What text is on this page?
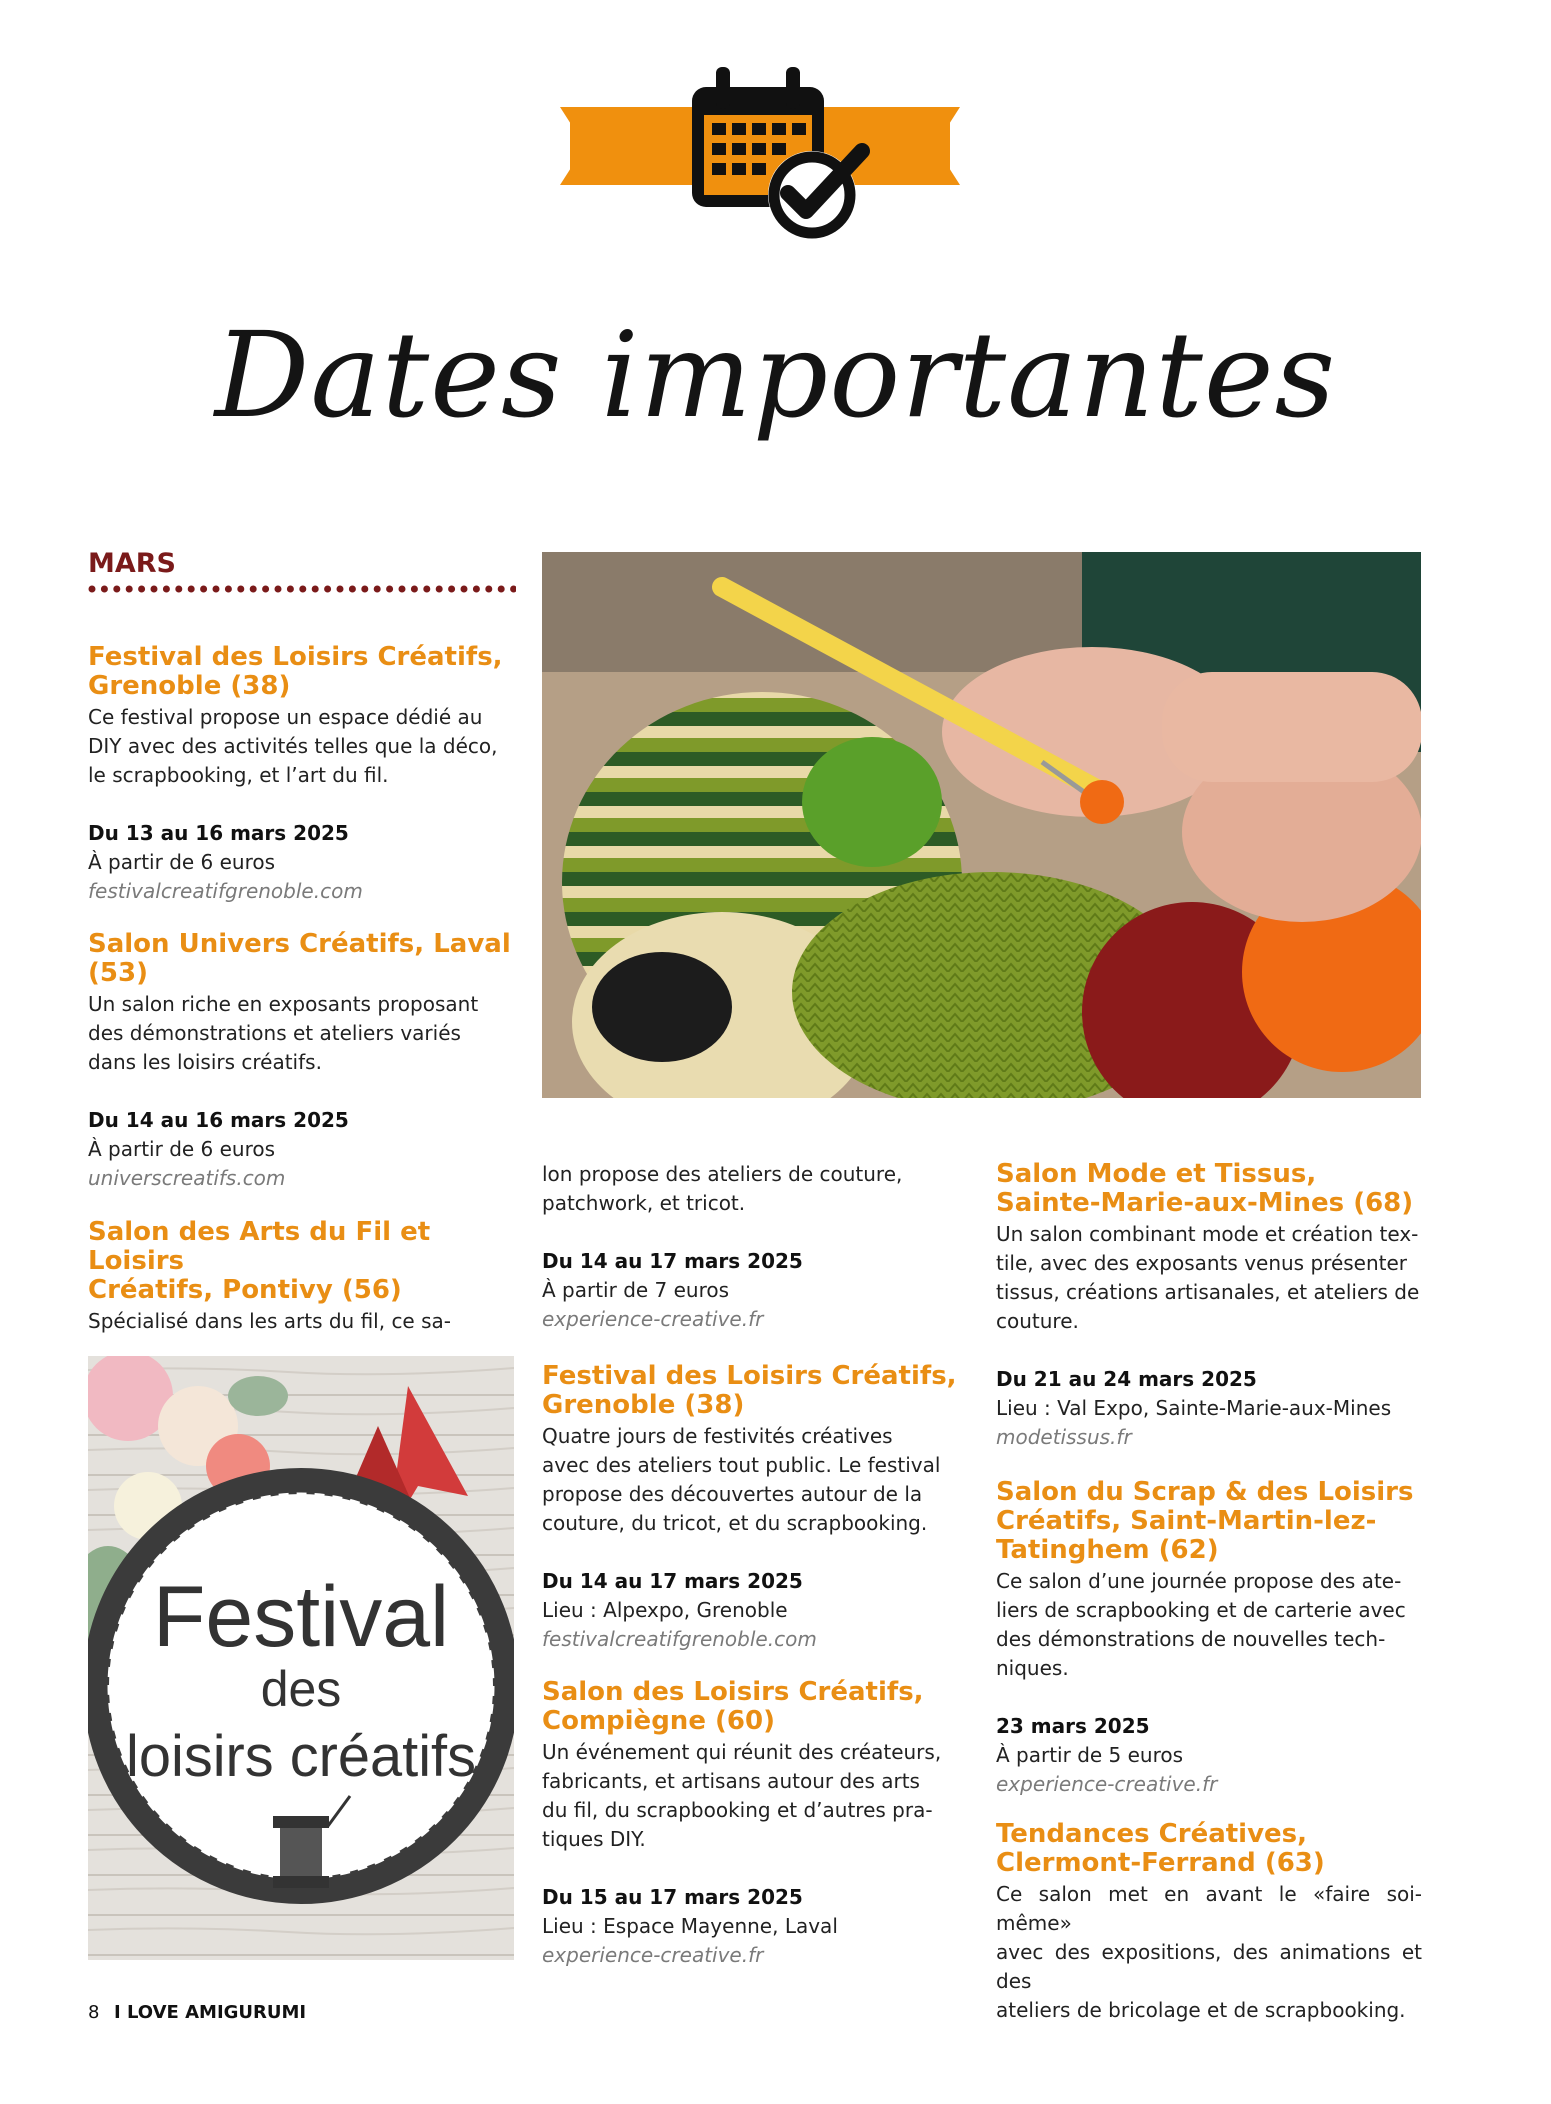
Dates importantes
MARS
Festival des Loisirs Créatifs,
Grenoble (38)
Ce festival propose un espace dédié au
DIY avec des activités telles que la déco,
le scrapbooking, et l’art du fil.
Du 13 au 16 mars 2025
À partir de 6 euros
festivalcreatifgrenoble.com
Salon Univers Créatifs, Laval
(53)
Un salon riche en exposants proposant
des démonstrations et ateliers variés
dans les loisirs créatifs.
Du 14 au 16 mars 2025
À partir de 6 euros
universcreatifs.com
Salon des Arts du Fil et Loisirs
Créatifs, Pontivy (56)
Spécialisé dans les arts du fil, ce sa-
lon propose des ateliers de couture,
patchwork, et tricot.
Du 14 au 17 mars 2025
À partir de 7 euros
experience-creative.fr
Festival des Loisirs Créatifs,
Grenoble (38)
Quatre jours de festivités créatives
avec des ateliers tout public. Le festival
propose des découvertes autour de la
couture, du tricot, et du scrapbooking.
Du 14 au 17 mars 2025
Lieu : Alpexpo, Grenoble
festivalcreatifgrenoble.com
Salon des Loisirs Créatifs,
Compiègne (60)
Un événement qui réunit des créateurs,
fabricants, et artisans autour des arts
du fil, du scrapbooking et d’autres pra-
tiques DIY.
Du 15 au 17 mars 2025
Lieu : Espace Mayenne, Laval
experience-creative.fr
Salon Mode et Tissus,
Sainte-Marie-aux-Mines (68)
Un salon combinant mode et création tex-
tile, avec des exposants venus présenter
tissus, créations artisanales, et ateliers de
couture.
Du 21 au 24 mars 2025
Lieu : Val Expo, Sainte-Marie-aux-Mines
modetissus.fr
Salon du Scrap & des Loisirs
Créatifs, Saint-Martin-lez-
Tatinghem (62)
Ce salon d’une journée propose des ate-
liers de scrapbooking et de carterie avec
des démonstrations de nouvelles tech-
niques.
23 mars 2025
À partir de 5 euros
experience-creative.fr
Tendances Créatives,
Clermont-Ferrand (63)
Ce salon met en avant le «faire soi-même»
avec des expositions, des animations et des
ateliers de bricolage et de scrapbooking.
Festival
des
loisirs créatifs
8 I LOVE AMIGURUMI
